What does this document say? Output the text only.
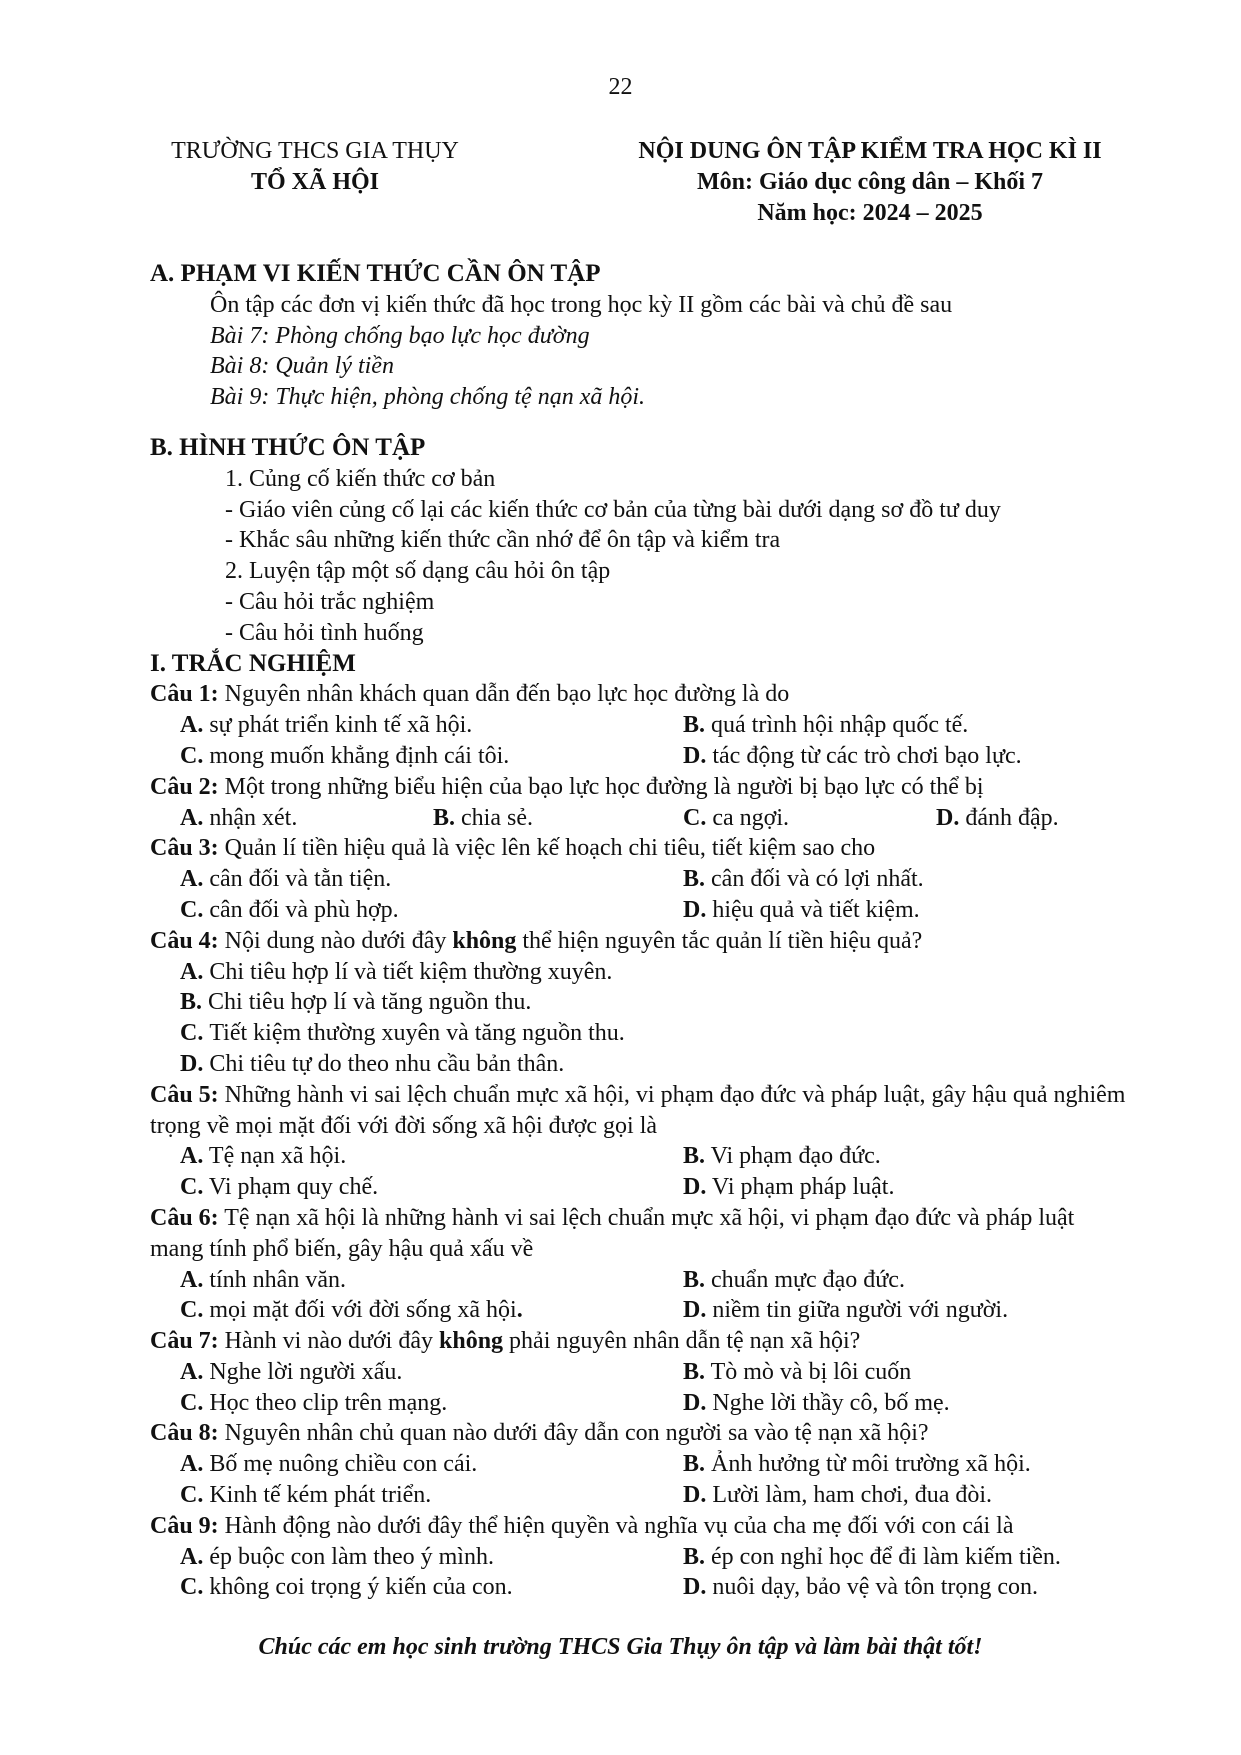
22
TRƯỜNG THCS GIA THỤY
TỔ XÃ HỘI
NỘI DUNG ÔN TẬP KIỂM TRA HỌC KÌ II
Môn: Giáo dục công dân – Khối 7
Năm học: 2024 – 2025
A. PHẠM VI KIẾN THỨC CẦN ÔN TẬP
Ôn tập các đơn vị kiến thức đã học trong học kỳ II gồm các bài và chủ đề sau
Bài 7: Phòng chống bạo lực học đường
Bài 8: Quản lý tiền
Bài 9: Thực hiện, phòng chống tệ nạn xã hội.
B. HÌNH THỨC ÔN TẬP
1. Củng cố kiến thức cơ bản
- Giáo viên củng cố lại các kiến thức cơ bản của từng bài dưới dạng sơ đồ tư duy
- Khắc sâu những kiến thức cần nhớ để ôn tập và kiểm tra
2. Luyện tập một số dạng câu hỏi ôn tập
- Câu hỏi trắc nghiệm
- Câu hỏi tình huống
I. TRẮC NGHIỆM
Câu 1: Nguyên nhân khách quan dẫn đến bạo lực học đường là do
A. sự phát triển kinh tế xã hội.	B. quá trình hội nhập quốc tế.
C. mong muốn khẳng định cái tôi.	D. tác động từ các trò chơi bạo lực.
Câu 2: Một trong những biểu hiện của bạo lực học đường là người bị bạo lực có thể bị
A. nhận xét.	B. chia sẻ.	C. ca ngợi.	D. đánh đập.
Câu 3: Quản lí tiền hiệu quả là việc lên kế hoạch chi tiêu, tiết kiệm sao cho
A. cân đối và tằn tiện.	B. cân đối và có lợi nhất.
C. cân đối và phù hợp.	D. hiệu quả và tiết kiệm.
Câu 4: Nội dung nào dưới đây không thể hiện nguyên tắc quản lí tiền hiệu quả?
A.
Chi tiêu hợp lí và tiết kiệm thường xuyên.
B.
Chi tiêu hợp lí và tăng nguồn thu.
C.
Tiết kiệm thường xuyên và tăng nguồn thu.
D.
Chi tiêu tự do theo nhu cầu bản thân.
Câu 5: Những hành vi sai lệch chuẩn mực xã hội, vi phạm đạo đức và pháp luật, gây hậu quả nghiêm trọng về mọi mặt đối với đời sống xã hội được gọi là
A. Tệ nạn xã hội.	B. Vi phạm đạo đức.
C. Vi phạm quy chế.	D. Vi phạm pháp luật.
Câu 6: Tệ nạn xã hội là những hành vi sai lệch chuẩn mực xã hội, vi phạm đạo đức và pháp luật mang tính phổ biến, gây hậu quả xấu về
A. tính nhân văn.	B. chuẩn mực đạo đức.
C. mọi mặt đối với đời sống xã hội.	D. niềm tin giữa người với người.
Câu 7: Hành vi nào dưới đây không phải nguyên nhân dẫn tệ nạn xã hội?
A. Nghe lời người xấu.	B. Tò mò và bị lôi cuốn
C. Học theo clip trên mạng.	D. Nghe lời thầy cô, bố mẹ.
Câu 8: Nguyên nhân chủ quan nào dưới đây dẫn con người sa vào tệ nạn xã hội?
A. Bố mẹ nuông chiều con cái.	B. Ảnh hưởng từ môi trường xã hội.
C. Kinh tế kém phát triển.	D. Lười làm, ham chơi, đua đòi.
Câu 9: Hành động nào dưới đây thể hiện quyền và nghĩa vụ của cha mẹ đối với con cái là
A. ép buộc con làm theo ý mình.	B. ép con nghỉ học để đi làm kiếm tiền.
C. không coi trọng ý kiến của con.	D. nuôi dạy, bảo vệ và tôn trọng con.
Chúc các em học sinh trường THCS Gia Thụy ôn tập và làm bài thật tốt!
